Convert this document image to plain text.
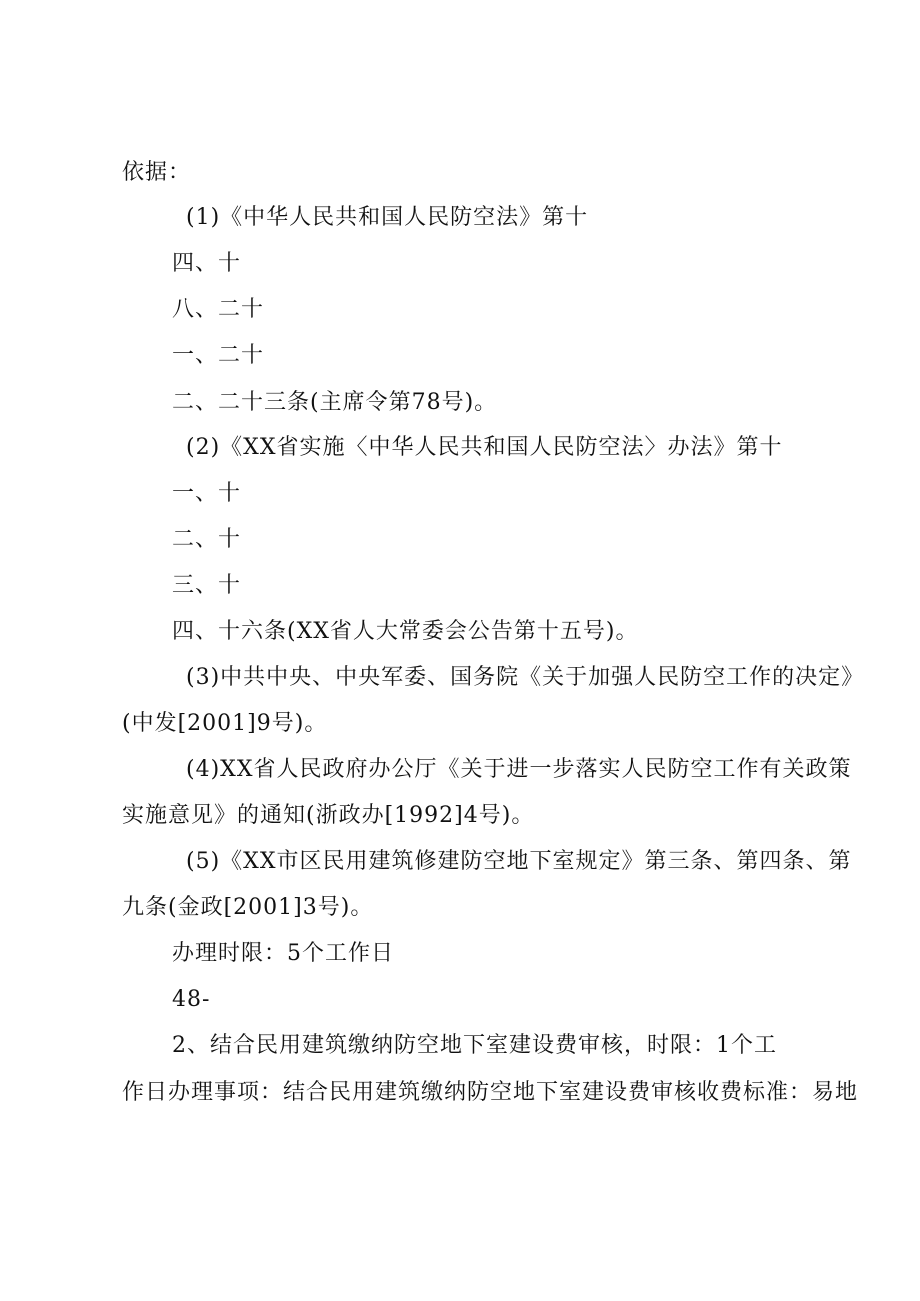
依据：
(1)《中华人民共和国人民防空法》第十
四、十
八、二十
一、二十
二、二十三条(主席令第78号)。
(2)《XX省实施〈中华人民共和国人民防空法〉办法》第十
一、十
二、十
三、十
四、十六条(XX省人大常委会公告第十五号)。
(3)中共中央、中央军委、国务院《关于加强人民防空工作的决定》
(中发[2001]9号)。
(4)XX省人民政府办公厅《关于进一步落实人民防空工作有关政策
实施意见》的通知(浙政办[1992]4号)。
(5)《XX市区民用建筑修建防空地下室规定》第三条、第四条、第
九条(金政[2001]3号)。
办理时限：5个工作日
48-
2、结合民用建筑缴纳防空地下室建设费审核，时限：1个工
作日办理事项：结合民用建筑缴纳防空地下室建设费审核收费标准：易地
